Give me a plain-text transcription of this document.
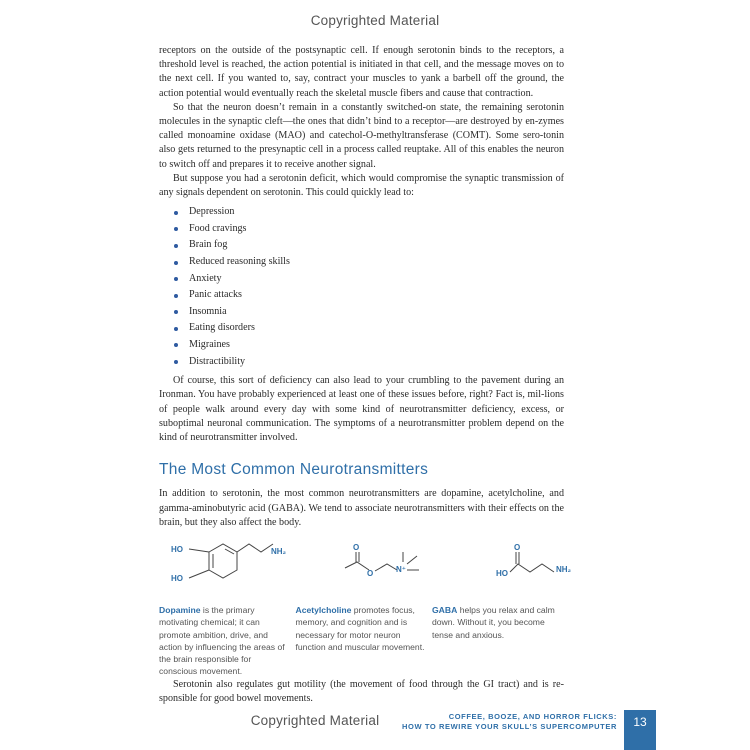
Copyrighted Material

receptors on the outside of the postsynaptic cell. If enough serotonin binds to the receptors, a threshold level is reached, the action potential is initiated in that cell, and the message moves on to the next cell. If you wanted to, say, contract your muscles to yank a barbell off the ground, the action potential would eventually reach the skeletal muscle fibers and cause that contraction.

So that the neuron doesn’t remain in a constantly switched-on state, the remaining serotonin molecules in the synaptic cleft—the ones that didn’t bind to a receptor—are destroyed by en-zymes called monoamine oxidase (MAO) and catechol-O-methyltransferase (COMT). Some sero-tonin also gets returned to the presynaptic cell in a process called reuptake. All of this enables the neuron to switch off and prepares it to receive another signal.

But suppose you had a serotonin deficit, which would compromise the synaptic transmission of any signals dependent on serotonin. This could quickly lead to:

Depression
Food cravings
Brain fog
Reduced reasoning skills
Anxiety
Panic attacks
Insomnia
Eating disorders
Migraines
Distractibility

Of course, this sort of deficiency can also lead to your crumbling to the pavement during an Ironman. You have probably experienced at least one of these issues before, right? Fact is, mil-lions of people walk around every day with some kind of neurotransmitter deficiency, excess, or suboptimal neuronal communication. The symptoms of a neurotransmitter problem depend on the kind of neurotransmitter involved.

The Most Common Neurotransmitters

In addition to serotonin, the most common neurotransmitters are dopamine, acetylcholine, and gamma-aminobutyric acid (GABA). We tend to associate neurotransmitters with their effects on the brain, but they also affect the body.

HO
HO
NH₂	O
O	N⁺
O
HO	NH₂
Dopamine is the primary motivating chemical; it can promote ambition, drive, and action by influencing the areas of the brain responsible for conscious movement.
Acetylcholine promotes focus, memory, and cognition and is necessary for motor neuron function and muscular movement.
GABA helps you relax and calm down. Without it, you become tense and anxious.

Serotonin also regulates gut motility (the movement of food through the GI tract) and is re-sponsible for good bowel movements.

Copyrighted Material	COFFEE, BOOZE, AND HORROR FLICKS:
HOW TO REWIRE YOUR SKULL’S SUPERCOMPUTER	13
